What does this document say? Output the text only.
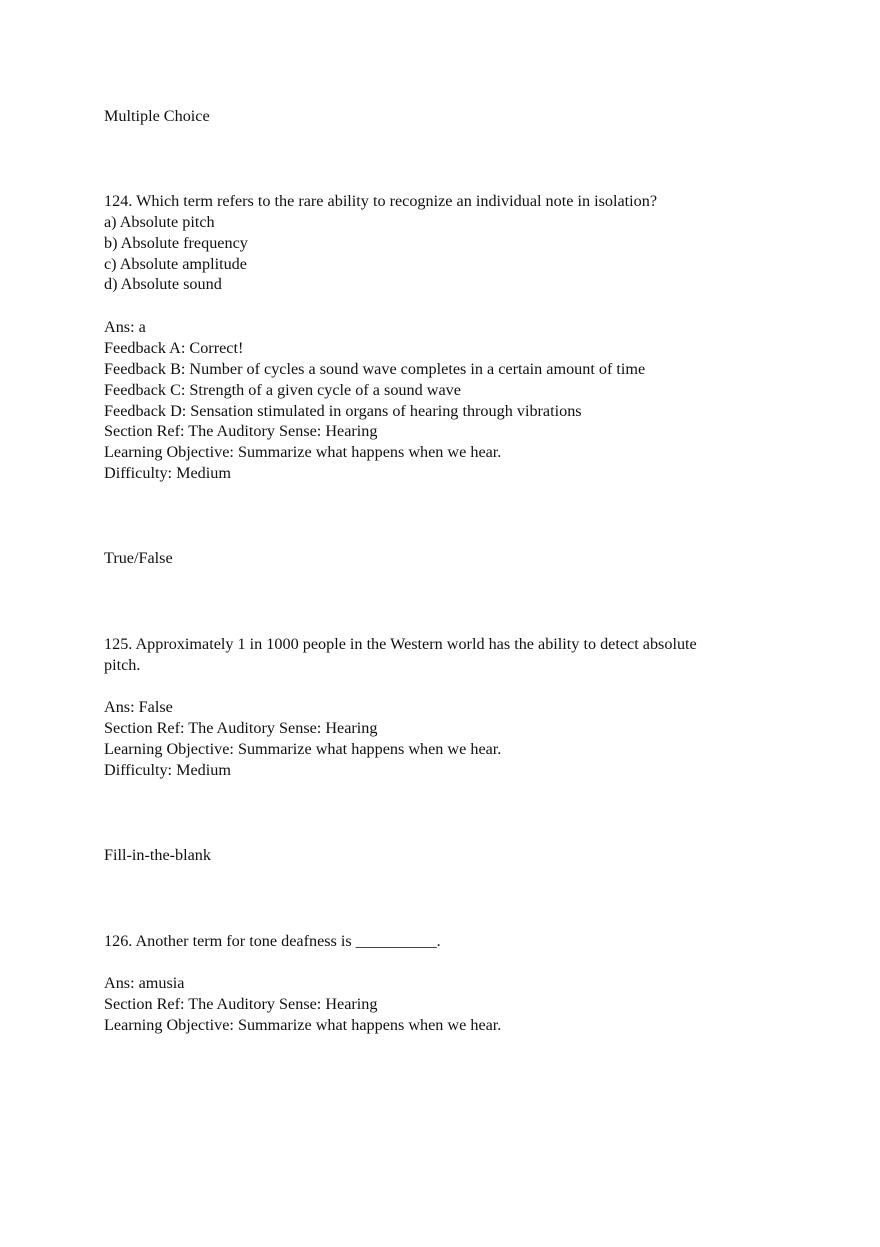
Multiple Choice
124. Which term refers to the rare ability to recognize an individual note in isolation?
a) Absolute pitch
b) Absolute frequency
c) Absolute amplitude
d) Absolute sound
Ans: a
Feedback A: Correct!
Feedback B: Number of cycles a sound wave completes in a certain amount of time
Feedback C: Strength of a given cycle of a sound wave
Feedback D: Sensation stimulated in organs of hearing through vibrations
Section Ref: The Auditory Sense: Hearing
Learning Objective: Summarize what happens when we hear.
Difficulty: Medium
True/False
125. Approximately 1 in 1000 people in the Western world has the ability to detect absolute
pitch.
Ans: False
Section Ref: The Auditory Sense: Hearing
Learning Objective: Summarize what happens when we hear.
Difficulty: Medium
Fill-in-the-blank
126. Another term for tone deafness is __________.
Ans: amusia
Section Ref: The Auditory Sense: Hearing
Learning Objective: Summarize what happens when we hear.
